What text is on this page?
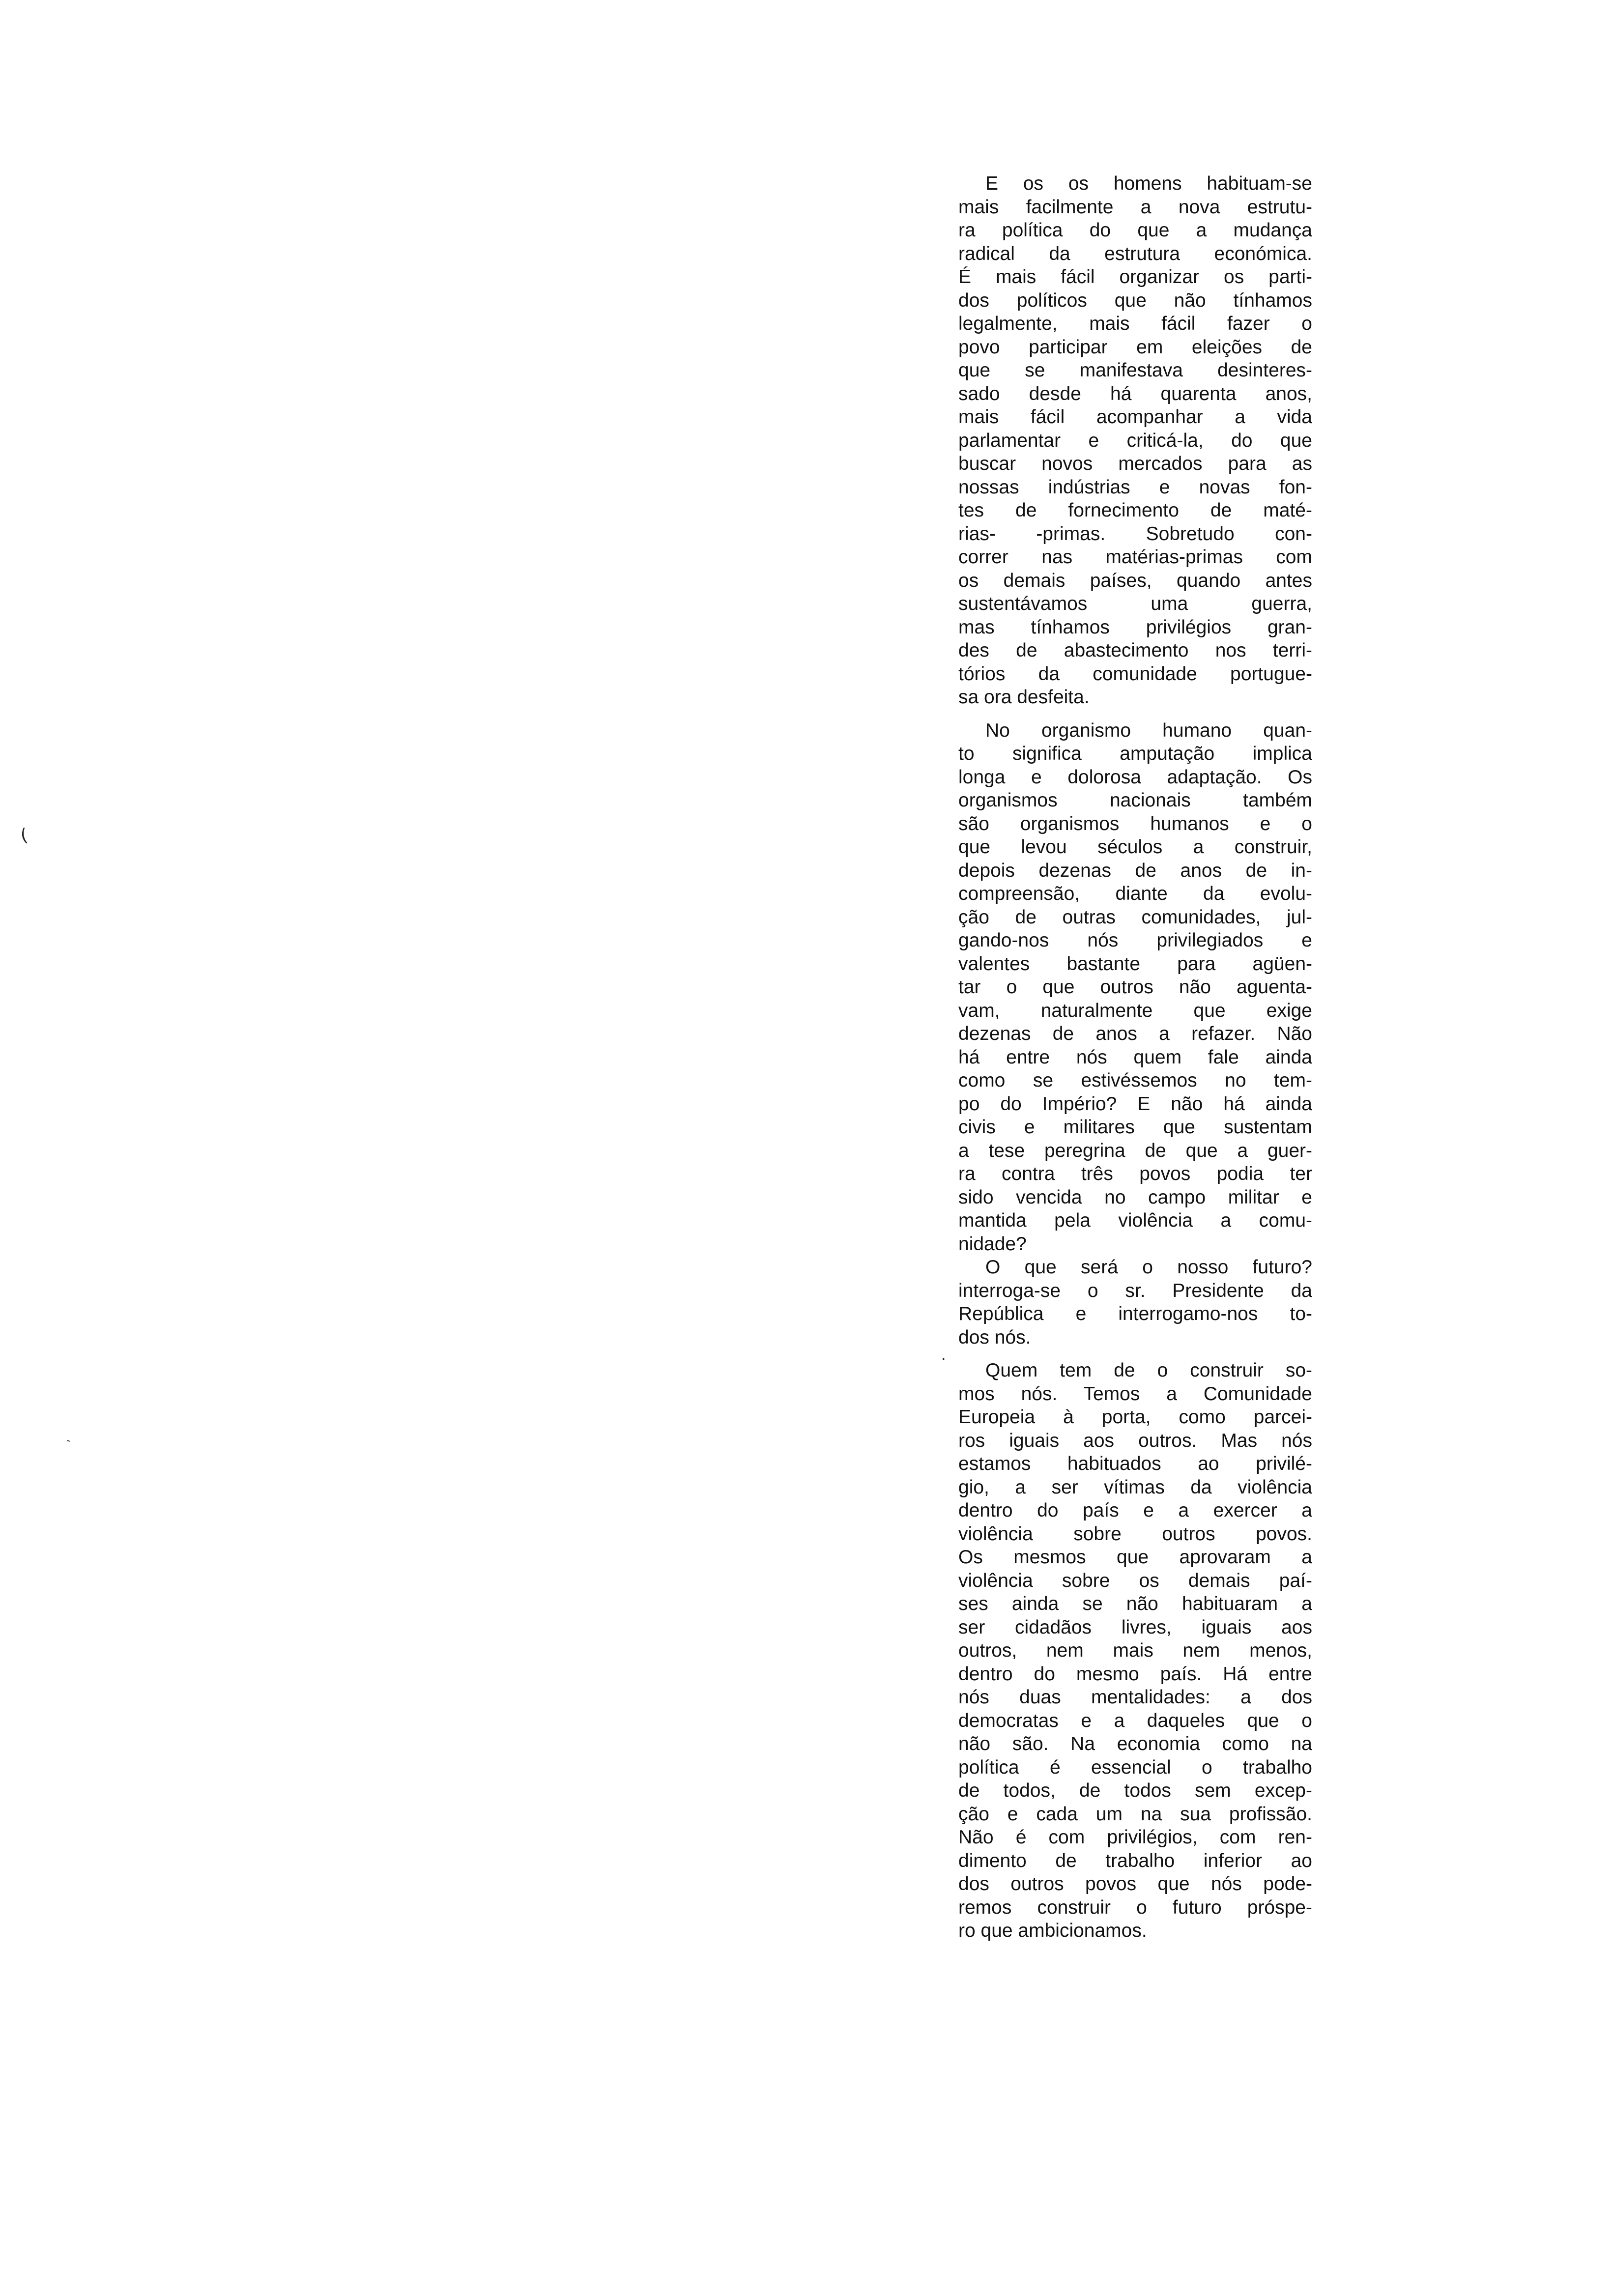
(
`
.
E os os homens habituam-se
mais facilmente a nova estrutu-
ra política do que a mudança
radical da estrutura económica.
É mais fácil organizar os parti-
dos políticos que não tínhamos
legalmente, mais fácil fazer o
povo participar em eleições de
que se manifestava desinteres-
sado desde há quarenta anos,
mais fácil acompanhar a vida
parlamentar e criticá-la, do que
buscar novos mercados para as
nossas indústrias e novas fon-
tes de fornecimento de maté-
rias- -primas. Sobretudo con-
correr nas matérias-primas com
os demais países, quando antes
sustentávamos uma guerra,
mas tínhamos privilégios gran-
des de abastecimento nos terri-
tórios da comunidade portugue-
sa ora desfeita.
No organismo humano quan-
to significa amputação implica
longa e dolorosa adaptação. Os
organismos nacionais também
são organismos humanos e o
que levou séculos a construir,
depois dezenas de anos de in-
compreensão, diante da evolu-
ção de outras comunidades, jul-
gando-nos nós privilegiados e
valentes bastante para agüen-
tar o que outros não aguenta-
vam, naturalmente que exige
dezenas de anos a refazer. Não
há entre nós quem fale ainda
como se estivéssemos no tem-
po do Império? E não há ainda
civis e militares que sustentam
a tese peregrina de que a guer-
ra contra três povos podia ter
sido vencida no campo militar e
mantida pela violência a comu-
nidade?
O que será o nosso futuro?
interroga-se o sr. Presidente da
República e interrogamo-nos to-
dos nós.
Quem tem de o construir so-
mos nós. Temos a Comunidade
Europeia à porta, como parcei-
ros iguais aos outros. Mas nós
estamos habituados ao privilé-
gio, a ser vítimas da violência
dentro do país e a exercer a
violência sobre outros povos.
Os mesmos que aprovaram a
violência sobre os demais paí-
ses ainda se não habituaram a
ser cidadãos livres, iguais aos
outros, nem mais nem menos,
dentro do mesmo país. Há entre
nós duas mentalidades: a dos
democratas e a daqueles que o
não são. Na economia como na
política é essencial o trabalho
de todos, de todos sem excep-
ção e cada um na sua profissão.
Não é com privilégios, com ren-
dimento de trabalho inferior ao
dos outros povos que nós pode-
remos construir o futuro próspe-
ro que ambicionamos.
